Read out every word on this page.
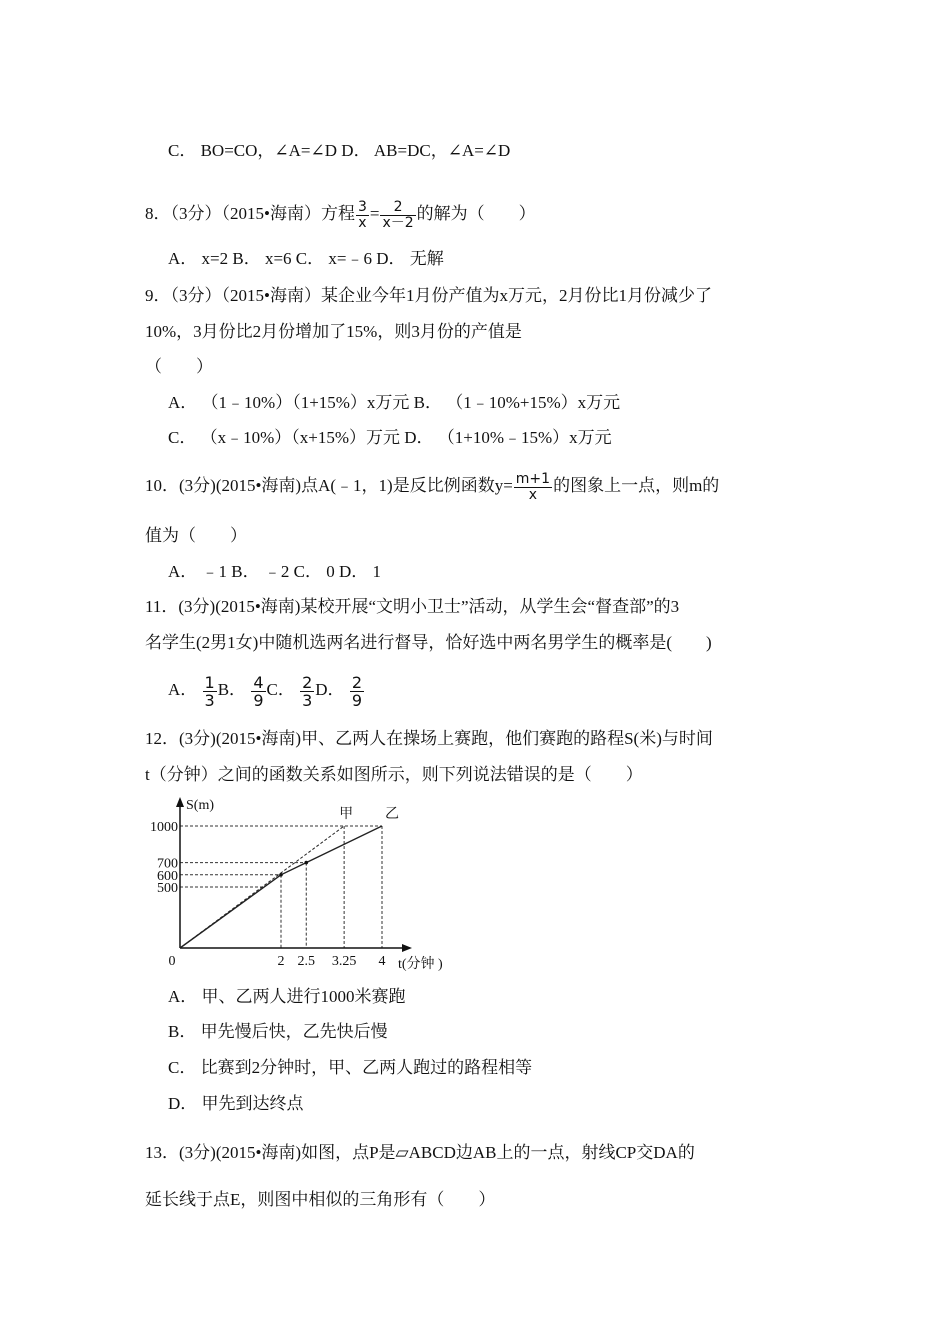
C． BO=CO，∠A=∠D D． AB=DC，∠A=∠D
8．（3分）（2015•海南）方程 $\frac{3}{x} = \frac{2}{x-2}$ 的解为（　　）
A． x=2 B． x=6 C． x=﹣6 D． 无解
9．（3分）（2015•海南）某企业今年1月份产值为x万元，2月份比1月份减少了
10%，3月份比2月份增加了15%，则3月份的产值是
（　　）
A． （1﹣10%）（1+15%）x万元 B． （1﹣10%+15%）x万元
C． （x﹣10%）（x+15%）万元 D． （1+10%﹣15%）x万元
10．(3分)(2015•海南)点A(﹣1，1)是反比例函数$y= \frac{m+1}{x}$ 的图象上一点，则m的
值为（　　）
A． ﹣1 B． ﹣2 C． 0 D． 1
11．(3分)(2015•海南)某校开展“文明小卫士”活动，从学生会“督查部”的3
名学生(2男1女)中随机选两名进行督导，恰好选中两名男学生的概率是(　　)
A． $\frac{1}{3}$ B． $\frac{4}{9}$ C． $\frac{2}{3}$ D． $\frac{2}{9}$
12．(3分)(2015•海南)甲、乙两人在操场上赛跑，他们赛跑的路程S(米)与时间
t（分钟）之间的函数关系如图所示，则下列说法错误的是（　　）
S(m)
t(分钟 )
0
1000
700
600
500
2 2.5 3.25 4
甲 乙
A． 甲、乙两人进行1000米赛跑
B． 甲先慢后快，乙先快后慢
C． 比赛到2分钟时，甲、乙两人跑过的路程相等
D． 甲先到达终点
13．(3分)(2015•海南)如图，点P是▱ABCD边AB上的一点，射线CP交DA的
延长线于点E，则图中相似的三角形有（　　）
